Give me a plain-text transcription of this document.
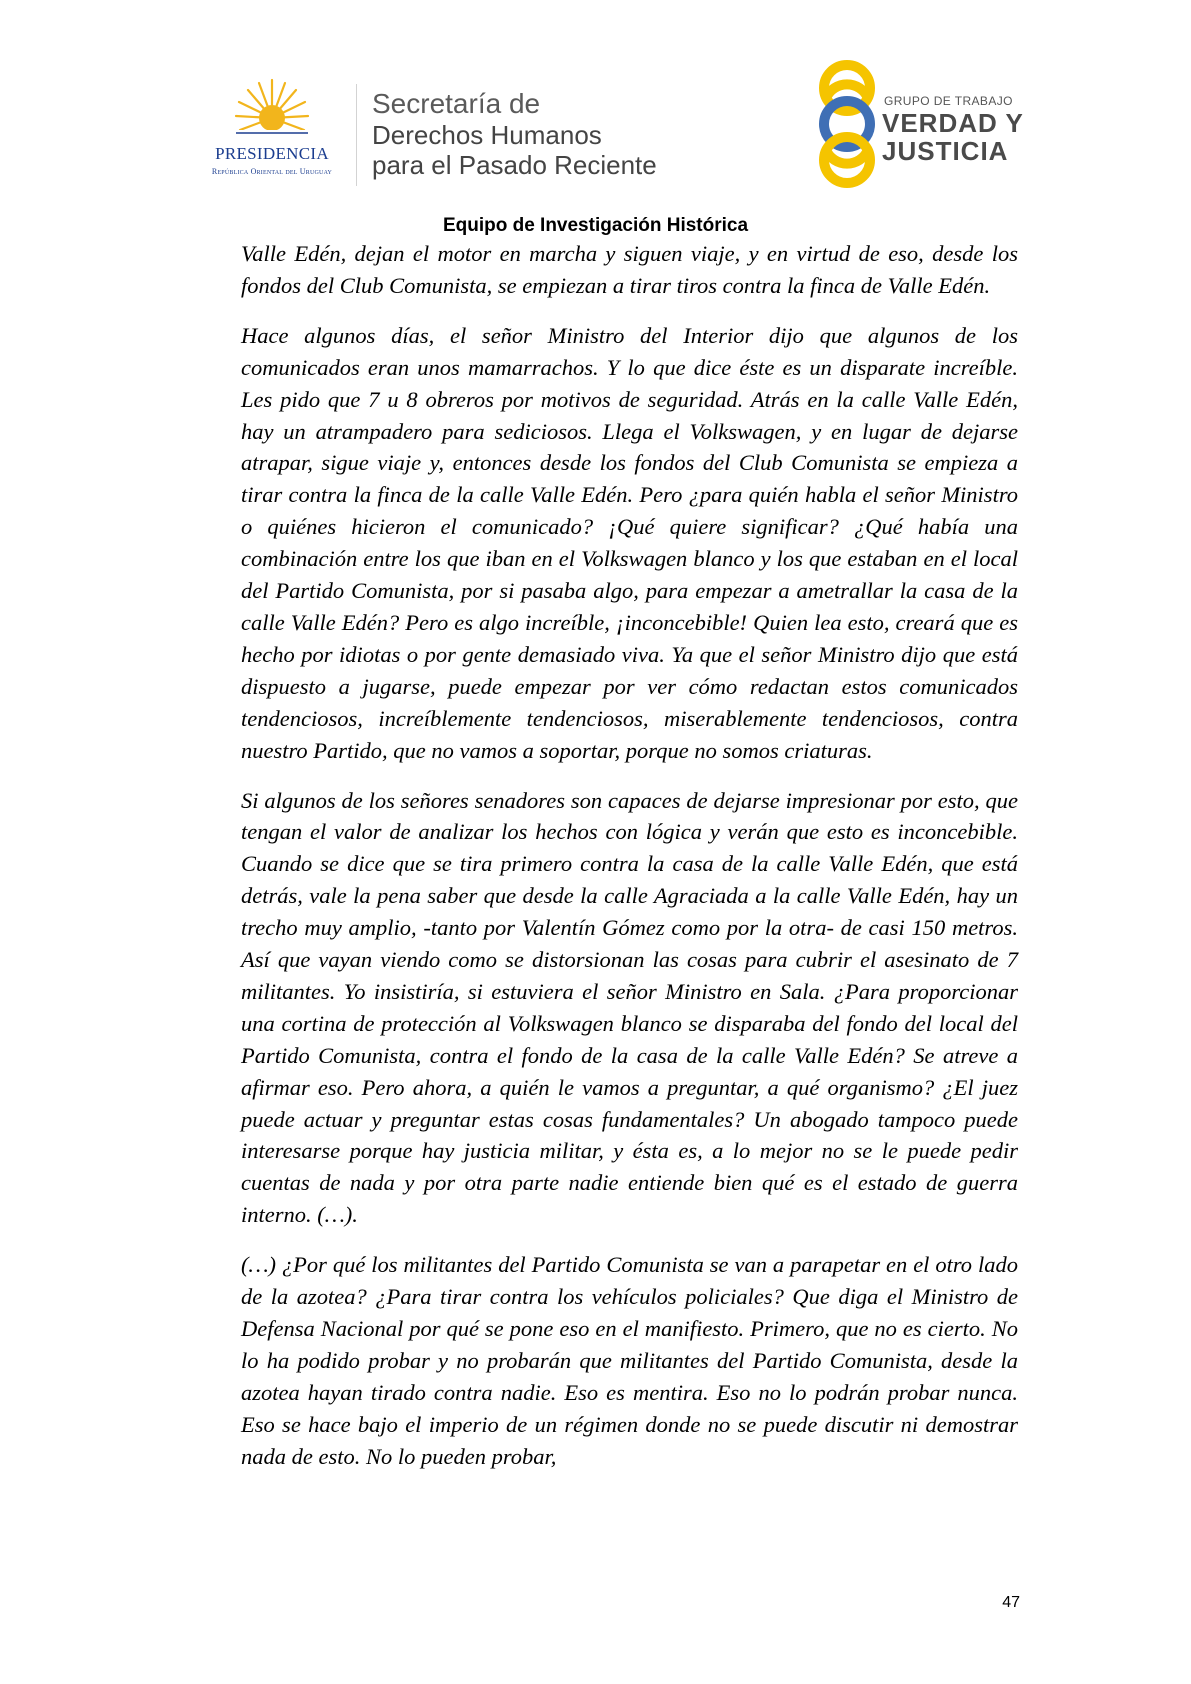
PRESIDENCIA
República Oriental del Uruguay
Secretaría de
Derechos Humanos
para el Pasado Reciente
GRUPO DE TRABAJO
VERDAD Y
JUSTICIA
Equipo de Investigación Histórica

Valle Edén, dejan el motor en marcha y siguen viaje, y en virtud de eso, desde los fondos del Club Comunista, se empiezan a tirar tiros contra la finca de Valle Edén.

Hace algunos días, el señor Ministro del Interior dijo que algunos de los comunicados eran unos mamarrachos. Y lo que dice éste es un disparate increíble. Les pido que 7 u 8 obreros por motivos de seguridad. Atrás en la calle Valle Edén, hay un atrampadero para sediciosos. Llega el Volkswagen, y en lugar de dejarse atrapar, sigue viaje y, entonces desde los fondos del Club Comunista se empieza a tirar contra la finca de la calle Valle Edén. Pero ¿para quién habla el señor Ministro o quiénes hicieron el comunicado? ¡Qué quiere significar? ¿Qué había una combinación entre los que iban en el Volkswagen blanco y los que estaban en el local del Partido Comunista, por si pasaba algo, para empezar a ametrallar la casa de la calle Valle Edén? Pero es algo increíble, ¡inconcebible! Quien lea esto, creará que es hecho por idiotas o por gente demasiado viva. Ya que el señor Ministro dijo que está dispuesto a jugarse, puede empezar por ver cómo redactan estos comunicados tendenciosos, increíblemente tendenciosos, miserablemente tendenciosos, contra nuestro Partido, que no vamos a soportar, porque no somos criaturas.

Si algunos de los señores senadores son capaces de dejarse impresionar por esto, que tengan el valor de analizar los hechos con lógica y verán que esto es inconcebible. Cuando se dice que se tira primero contra la casa de la calle Valle Edén, que está detrás, vale la pena saber que desde la calle Agraciada a la calle Valle Edén, hay un trecho muy amplio, -tanto por Valentín Gómez como por la otra- de casi 150 metros. Así que vayan viendo como se distorsionan las cosas para cubrir el asesinato de 7 militantes. Yo insistiría, si estuviera el señor Ministro en Sala. ¿Para proporcionar una cortina de protección al Volkswagen blanco se disparaba del fondo del local del Partido Comunista, contra el fondo de la casa de la calle Valle Edén? Se atreve a afirmar eso. Pero ahora, a quién le vamos a preguntar, a qué organismo? ¿El juez puede actuar y preguntar estas cosas fundamentales? Un abogado tampoco puede interesarse porque hay justicia militar, y ésta es, a lo mejor no se le puede pedir cuentas de nada y por otra parte nadie entiende bien qué es el estado de guerra interno. (…).

(…) ¿Por qué los militantes del Partido Comunista se van a parapetar en el otro lado de la azotea? ¿Para tirar contra los vehículos policiales? Que diga el Ministro de Defensa Nacional por qué se pone eso en el manifiesto. Primero, que no es cierto. No lo ha podido probar y no probarán que militantes del Partido Comunista, desde la azotea hayan tirado contra nadie. Eso es mentira. Eso no lo podrán probar nunca. Eso se hace bajo el imperio de un régimen donde no se puede discutir ni demostrar nada de esto. No lo pueden probar,

47
